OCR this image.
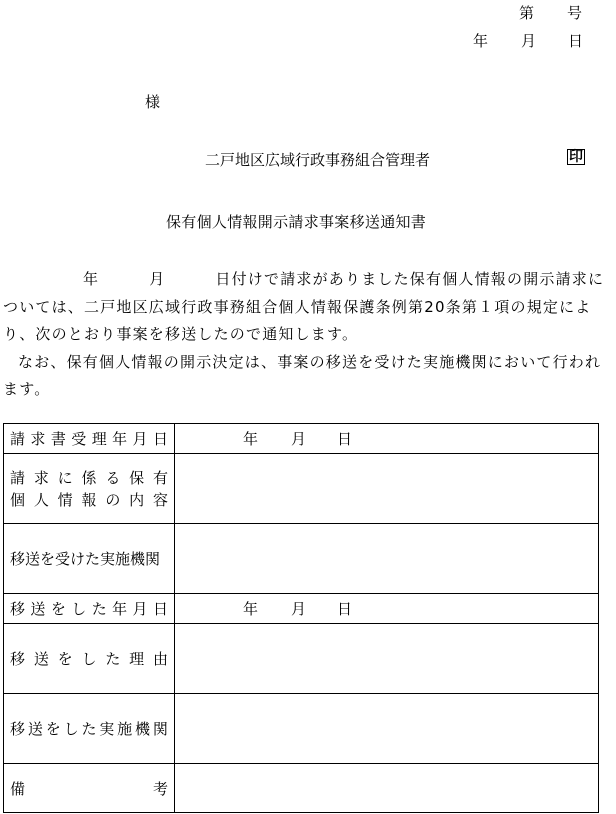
第 号
年 月 日
様
二戸地区広域行政事務組合管理者	印
保有個人情報開示請求事案移送通知書

年	月	日付けで請求がありました保有個人情報の開示請求については、二戸地区広域行政事務組合個人情報保護条例第20条第１項の規定により、次のとおり事案を移送したので通知します。

なお、保有個人情報の開示決定は、事案の移送を受けた実施機関において行われます。

請 求 書 受 理 年 月 日	年 月 日

請 求 に 係 る 保 有
個 人 情 報 の 内 容

移送を受けた実施機関	

移 送 を し た 年 月 日	年 月 日

移 送 を し た 理 由

移 送 を し た 実 施 機 関

備 考	
